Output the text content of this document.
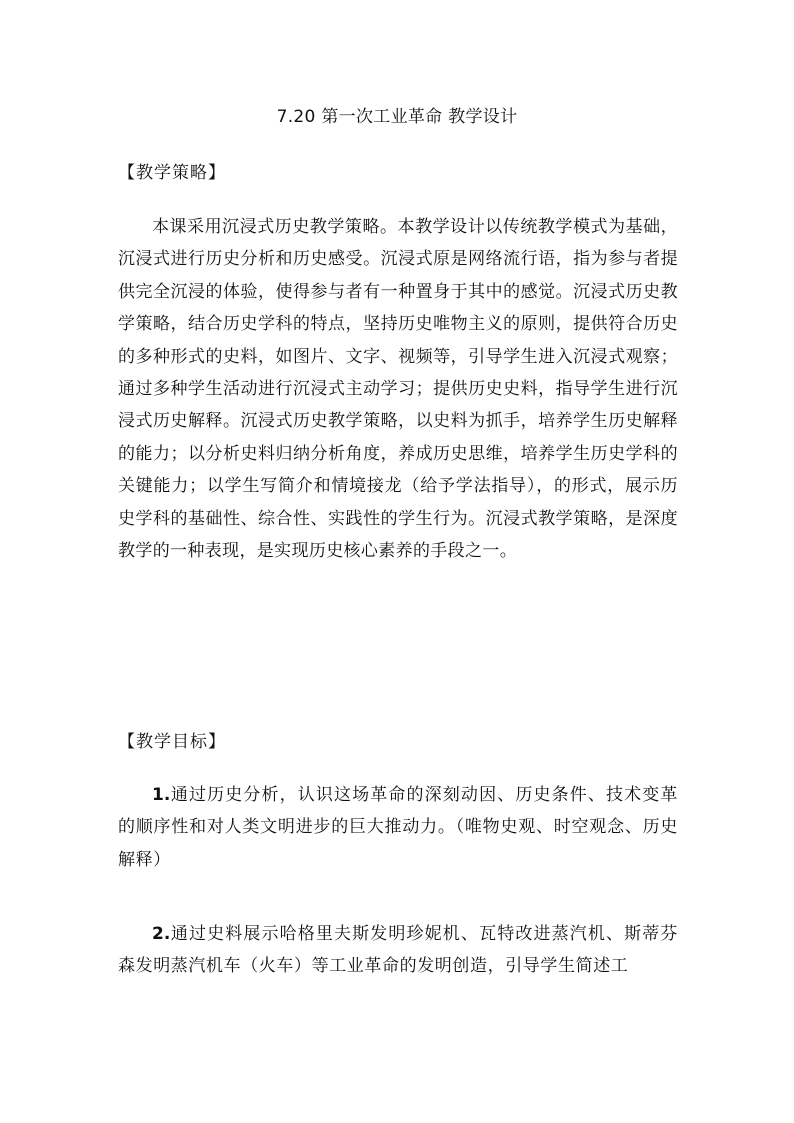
7.20 第一次工业革命 教学设计
【教学策略】

本课采用沉浸式历史教学策略。本教学设计以传统教学模式为基础，沉浸式进行历史分析和历史感受。沉浸式原是网络流行语，指为参与者提供完全沉浸的体验，使得参与者有一种置身于其中的感觉。沉浸式历史教学策略，结合历史学科的特点，坚持历史唯物主义的原则，提供符合历史的多种形式的史料，如图片、文字、视频等，引导学生进入沉浸式观察；通过多种学生活动进行沉浸式主动学习；提供历史史料，指导学生进行沉浸式历史解释。沉浸式历史教学策略，以史料为抓手，培养学生历史解释的能力；以分析史料归纳分析角度，养成历史思维，培养学生历史学科的关键能力；以学生写简介和情境接龙（给予学法指导），的形式，展示历史学科的基础性、综合性、实践性的学生行为。沉浸式教学策略，是深度教学的一种表现，是实现历史核心素养的手段之一。

【教学目标】

1.通过历史分析，认识这场革命的深刻动因、历史条件、技术变革的顺序性和对人类文明进步的巨大推动力。（唯物史观、时空观念、历史解释）

2.通过史料展示哈格里夫斯发明珍妮机、瓦特改进蒸汽机、斯蒂芬森发明蒸汽机车（火车）等工业革命的发明创造，引导学生简述工
